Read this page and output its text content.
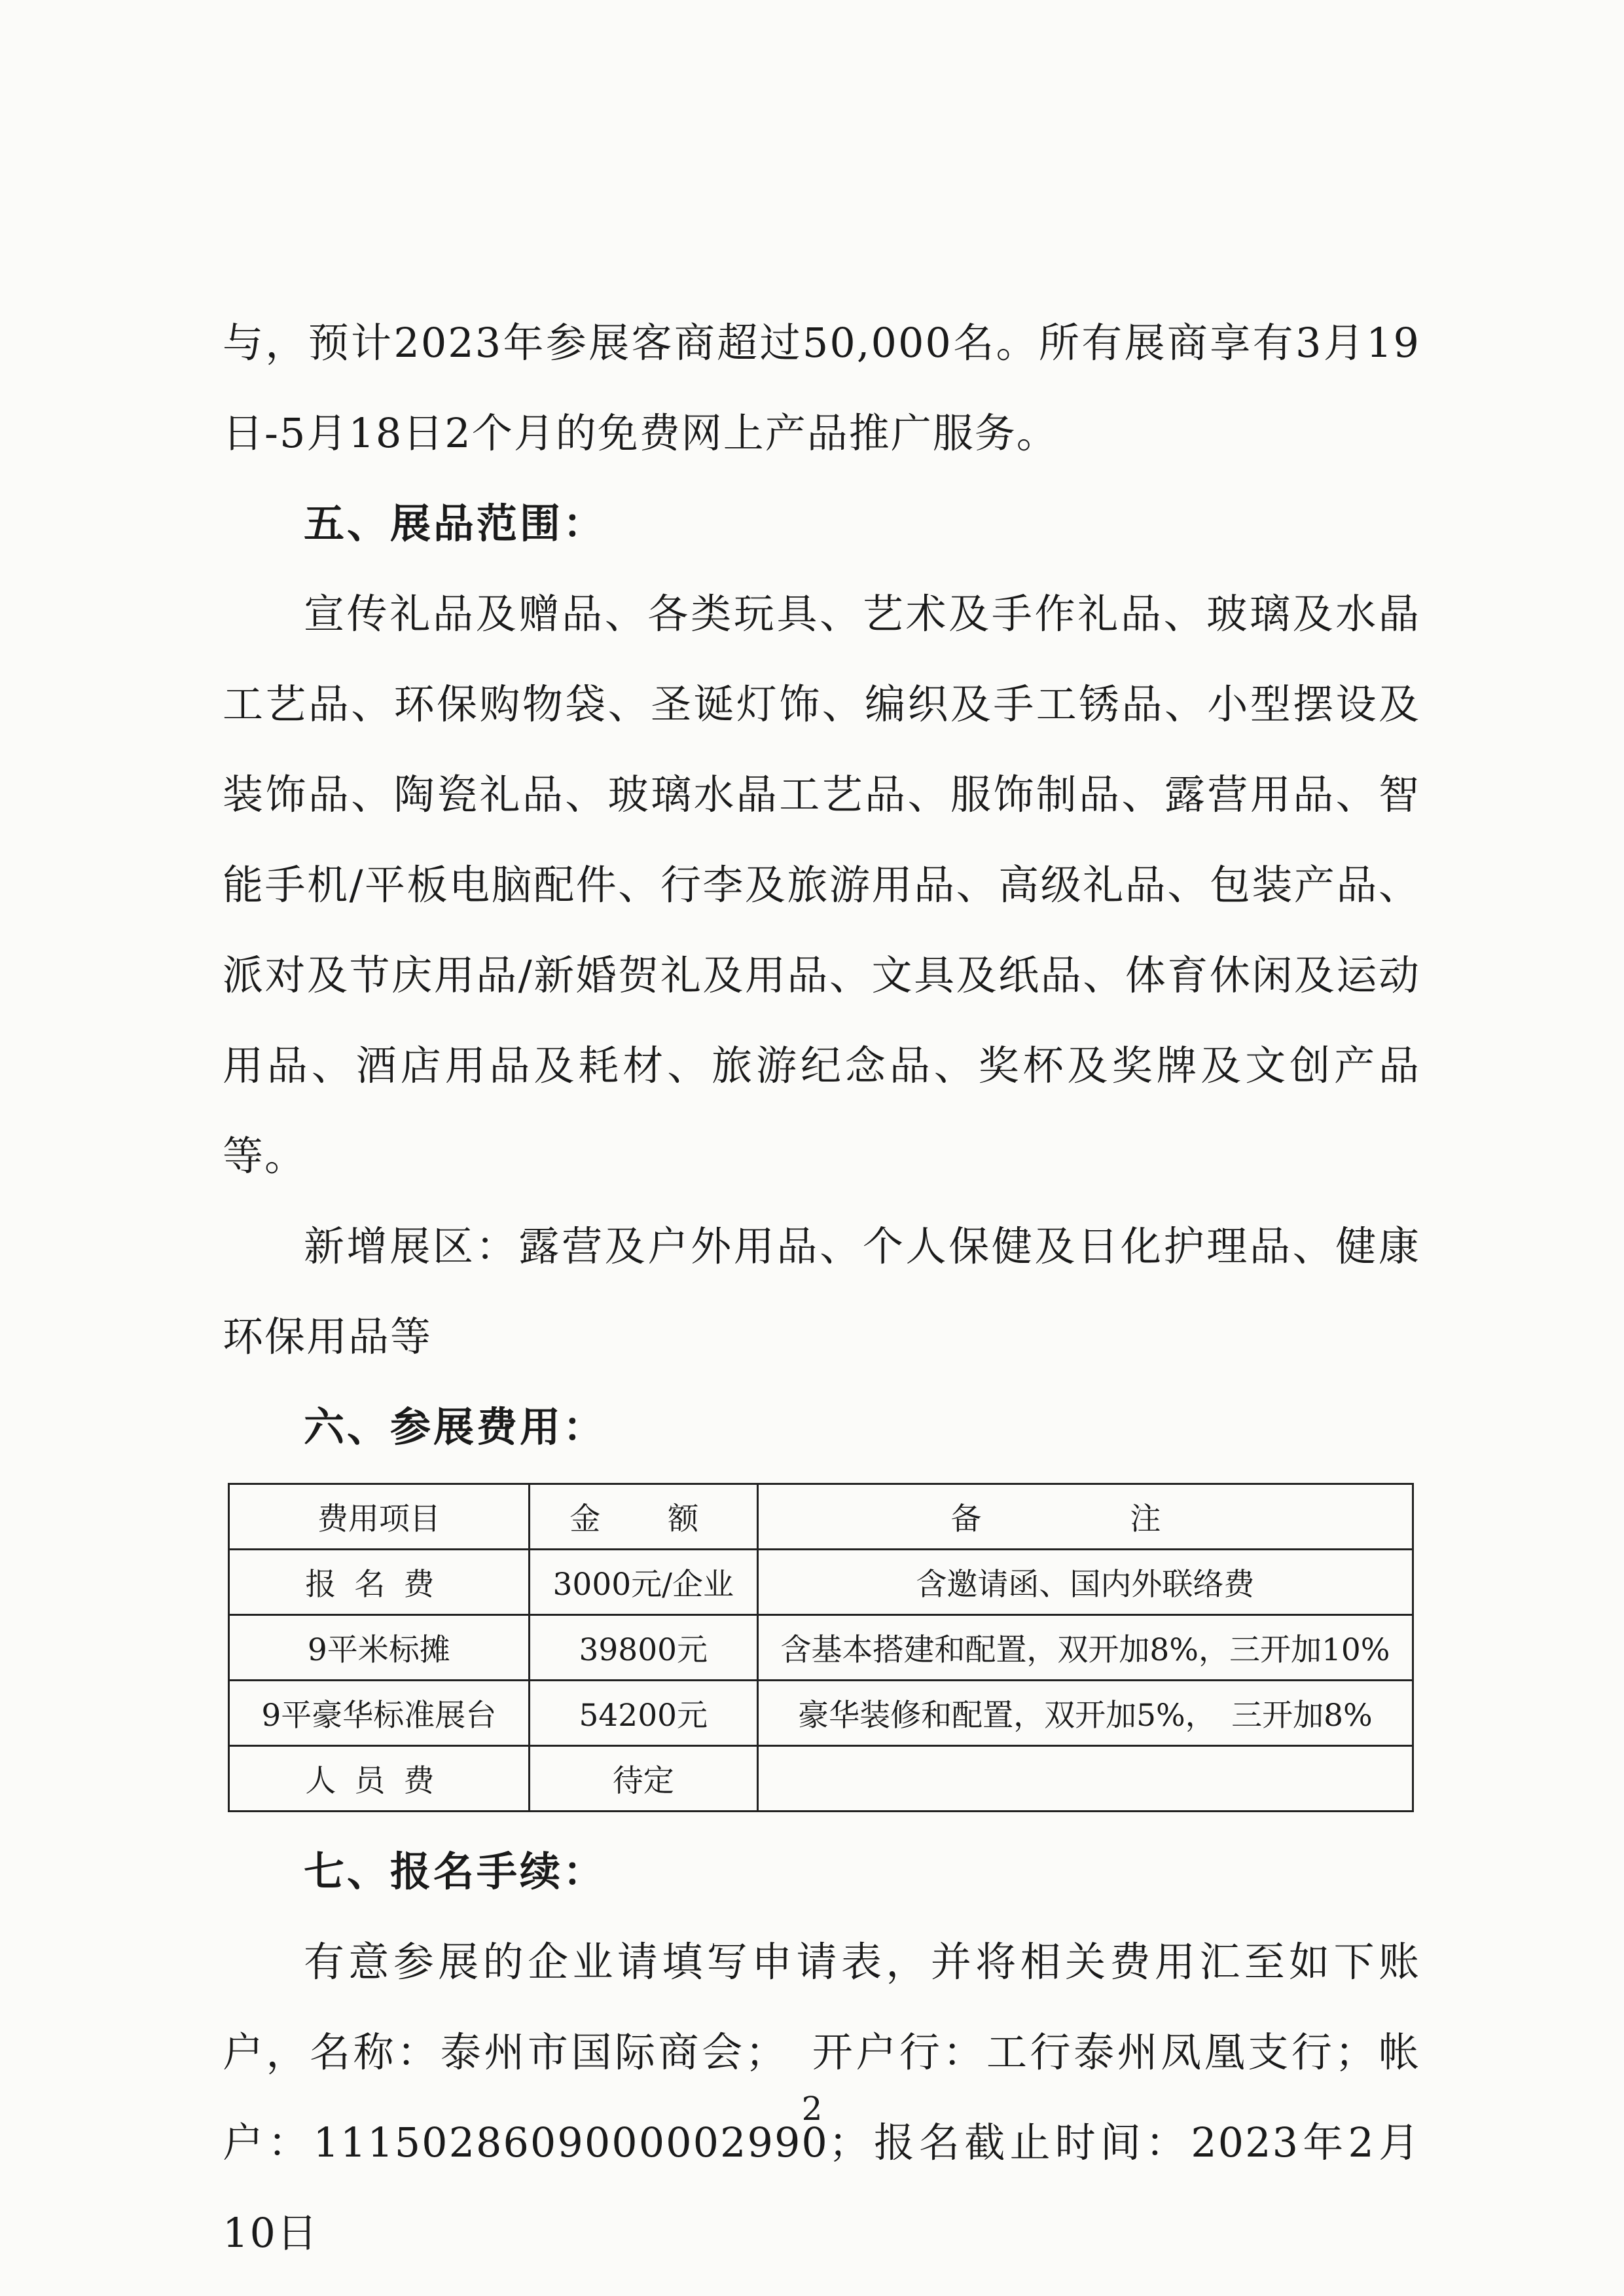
与，预计2023年参展客商超过50,000名。所有展商享有3月19日-5月18日2个月的免费网上产品推广服务。

五、展品范围：

宣传礼品及赠品、各类玩具、艺术及手作礼品、玻璃及水晶工艺品、环保购物袋、圣诞灯饰、编织及手工锈品、小型摆设及装饰品、陶瓷礼品、玻璃水晶工艺品、服饰制品、露营用品、智能手机/平板电脑配件、行李及旅游用品、高级礼品、包装产品、派对及节庆用品/新婚贺礼及用品、文具及纸品、体育休闲及运动用品、酒店用品及耗材、旅游纪念品、奖杯及奖牌及文创产品等。

新增展区：露营及户外用品、个人保健及日化护理品、健康环保用品等

六、参展费用：

费用项目	金　额	备　注
报名费	3000元/企业	含邀请函、国内外联络费
9平米标摊	39800元	含基本搭建和配置，双开加8%，三开加10%
9平豪华标准展台	54200元	豪华装修和配置，双开加5%，　三开加8%
人员费	待定	

七、报名手续：

有意参展的企业请填写申请表，并将相关费用汇至如下账户，名称：泰州市国际商会；　开户行：工行泰州凤凰支行；帐户：1115028609000002990；报名截止时间：2023年2月10日

2
